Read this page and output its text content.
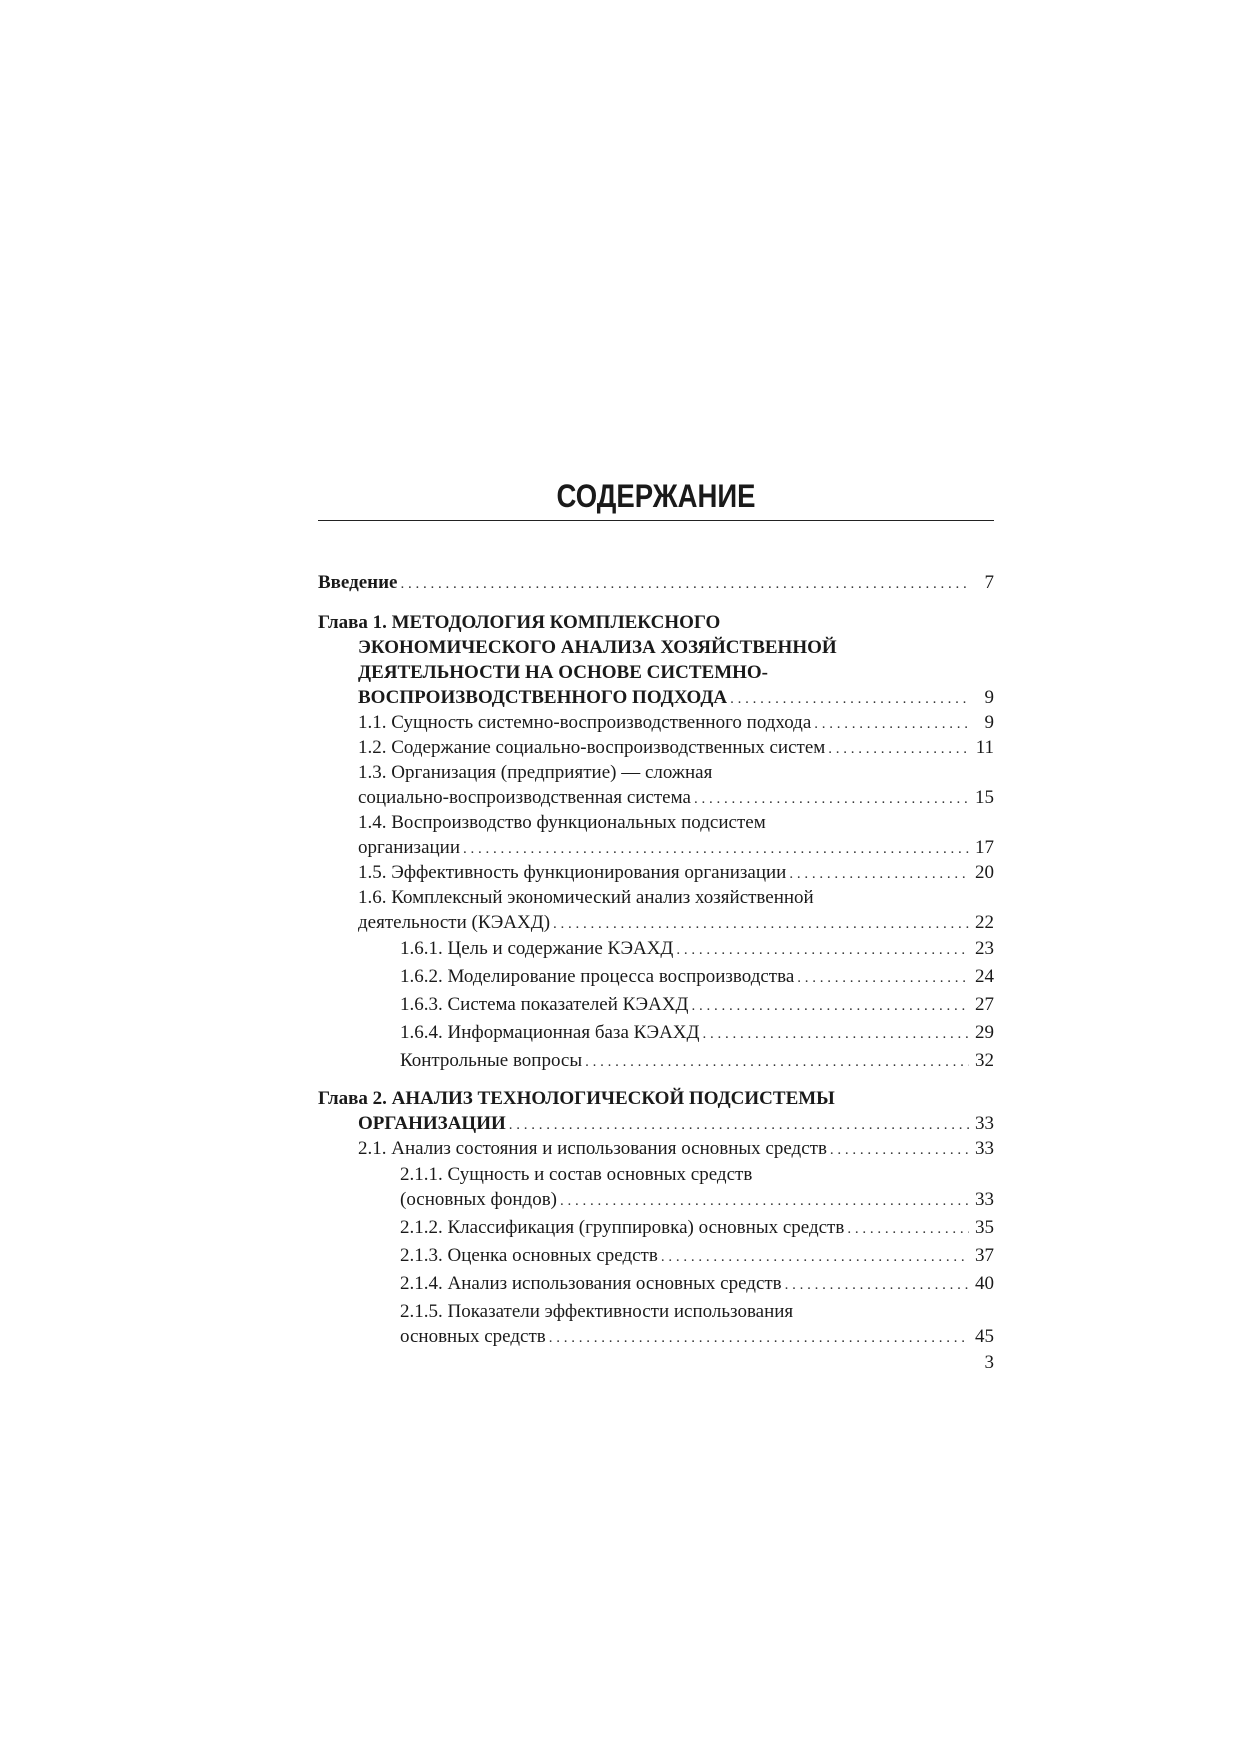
СОДЕРЖАНИЕ
Введение . . .	7
Глава 1. МЕТОДОЛОГИЯ КОМПЛЕКСНОГО
ЭКОНОМИЧЕСКОГО АНАЛИЗА ХОЗЯЙСТВЕННОЙ
ДЕЯТЕЛЬНОСТИ НА ОСНОВЕ СИСТЕМНО-
ВОСПРОИЗВОДСТВЕННОГО ПОДХОДА . . .	9
1.1. Сущность системно-воспроизводственного подхода . . .	9
1.2. Содержание социально-воспроизводственных систем . . .	11
1.3. Организация (предприятие) — сложная
социально-воспроизводственная система . . .	15
1.4. Воспроизводство функциональных подсистем
организации . . .	17
1.5. Эффективность функционирования организации . . .	20
1.6. Комплексный экономический анализ хозяйственной
деятельности (КЭАХД) . . .	22
1.6.1. Цель и содержание КЭАХД . . .	23
1.6.2. Моделирование процесса воспроизводства . . .	24
1.6.3. Система показателей КЭАХД . . .	27
1.6.4. Информационная база КЭАХД . . .	29
Контрольные вопросы . . .	32
Глава 2. АНАЛИЗ ТЕХНОЛОГИЧЕСКОЙ ПОДСИСТЕМЫ
ОРГАНИЗАЦИИ . . .	33
2.1. Анализ состояния и использования основных средств . . .	33
2.1.1. Сущность и состав основных средств
(основных фондов) . . .	33
2.1.2. Классификация (группировка) основных средств . . .	35
2.1.3. Оценка основных средств . . .	37
2.1.4. Анализ использования основных средств . . .	40
2.1.5. Показатели эффективности использования
основных средств . . .	45
3
